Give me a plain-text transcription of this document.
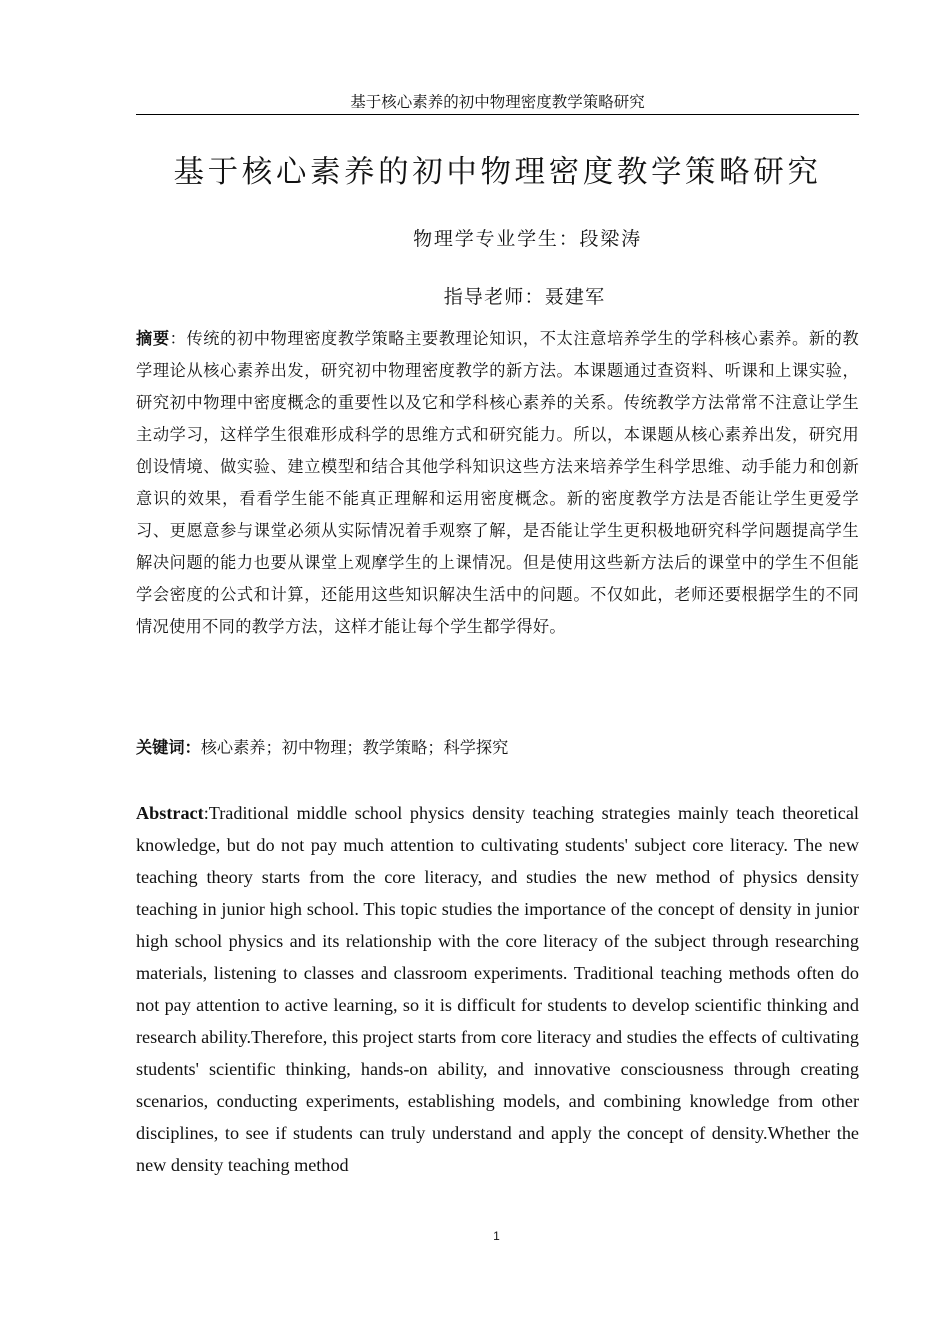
基于核心素养的初中物理密度教学策略研究
基于核心素养的初中物理密度教学策略研究
物理学专业学生：段梁涛
指导老师：聂建军

摘要：传统的初中物理密度教学策略主要教理论知识，不太注意培养学生的学科核心素养。新的教学理论从核心素养出发，研究初中物理密度教学的新方法。本课题通过查资料、听课和上课实验，研究初中物理中密度概念的重要性以及它和学科核心素养的关系。传统教学方法常常不注意让学生主动学习，这样学生很难形成科学的思维方式和研究能力。所以，本课题从核心素养出发，研究用创设情境、做实验、建立模型和结合其他学科知识这些方法来培养学生科学思维、动手能力和创新意识的效果，看看学生能不能真正理解和运用密度概念。新的密度教学方法是否能让学生更爱学习、更愿意参与课堂必须从实际情况着手观察了解，是否能让学生更积极地研究科学问题提高学生解决问题的能力也要从课堂上观摩学生的上课情况。但是使用这些新方法后的课堂中的学生不但能学会密度的公式和计算，还能用这些知识解决生活中的问题。不仅如此，老师还要根据学生的不同情况使用不同的教学方法，这样才能让每个学生都学得好。

关键词：核心素养；初中物理；教学策略；科学探究

Abstract:Traditional middle school physics density teaching strategies mainly teach theoretical knowledge, but do not pay much attention to cultivating students' subject core literacy. The new teaching theory starts from the core literacy, and studies the new method of physics density teaching in junior high school. This topic studies the importance of the concept of density in junior high school physics and its relationship with the core literacy of the subject through researching materials, listening to classes and classroom experiments. Traditional teaching methods often do not pay attention to active learning, so it is difficult for students to develop scientific thinking and research ability.Therefore, this project starts from core literacy and studies the effects of cultivating students' scientific thinking, hands-on ability, and innovative consciousness through creating scenarios, conducting experiments, establishing models, and combining knowledge from other disciplines, to see if students can truly understand and apply the concept of density.Whether the new density teaching method

1
